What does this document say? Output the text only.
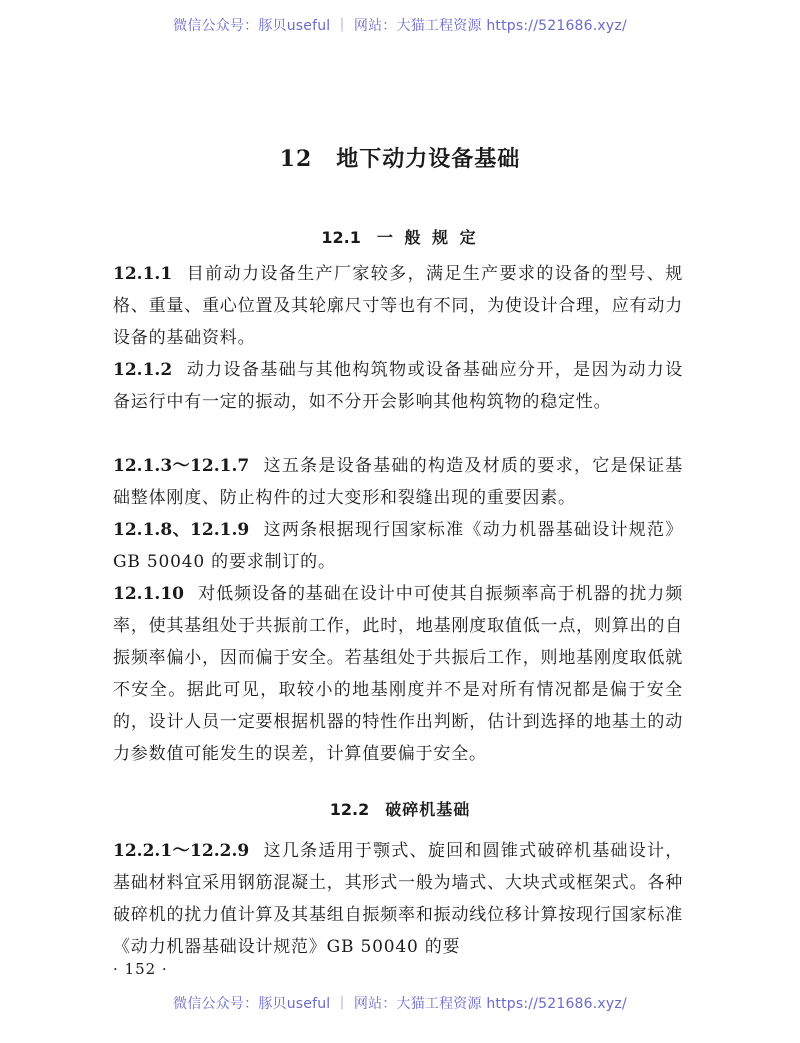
微信公众号：豚贝useful ｜ 网站：大猫工程资源 https://521686.xyz/
12 地下动力设备基础
12.1 一 般 规 定
12.1.1 目前动力设备生产厂家较多，满足生产要求的设备的型号、规格、重量、重心位置及其轮廓尺寸等也有不同，为使设计合理，应有动力设备的基础资料。
12.1.2 动力设备基础与其他构筑物或设备基础应分开，是因为动力设备运行中有一定的振动，如不分开会影响其他构筑物的稳定性。
12.1.3～12.1.7 这五条是设备基础的构造及材质的要求，它是保证基础整体刚度、防止构件的过大变形和裂缝出现的重要因素。
12.1.8、12.1.9 这两条根据现行国家标准《动力机器基础设计规范》GB 50040 的要求制订的。
12.1.10 对低频设备的基础在设计中可使其自振频率高于机器的扰力频率，使其基组处于共振前工作，此时，地基刚度取值低一点，则算出的自振频率偏小，因而偏于安全。若基组处于共振后工作，则地基刚度取低就不安全。据此可见，取较小的地基刚度并不是对所有情况都是偏于安全的，设计人员一定要根据机器的特性作出判断，估计到选择的地基土的动力参数值可能发生的误差，计算值要偏于安全。
12.2 破碎机基础
12.2.1～12.2.9 这几条适用于颚式、旋回和圆锥式破碎机基础设计，基础材料宜采用钢筋混凝土，其形式一般为墙式、大块式或框架式。各种破碎机的扰力值计算及其基组自振频率和振动线位移计算按现行国家标准《动力机器基础设计规范》GB 50040 的要
· 152 ·
微信公众号：豚贝useful ｜ 网站：大猫工程资源 https://521686.xyz/
